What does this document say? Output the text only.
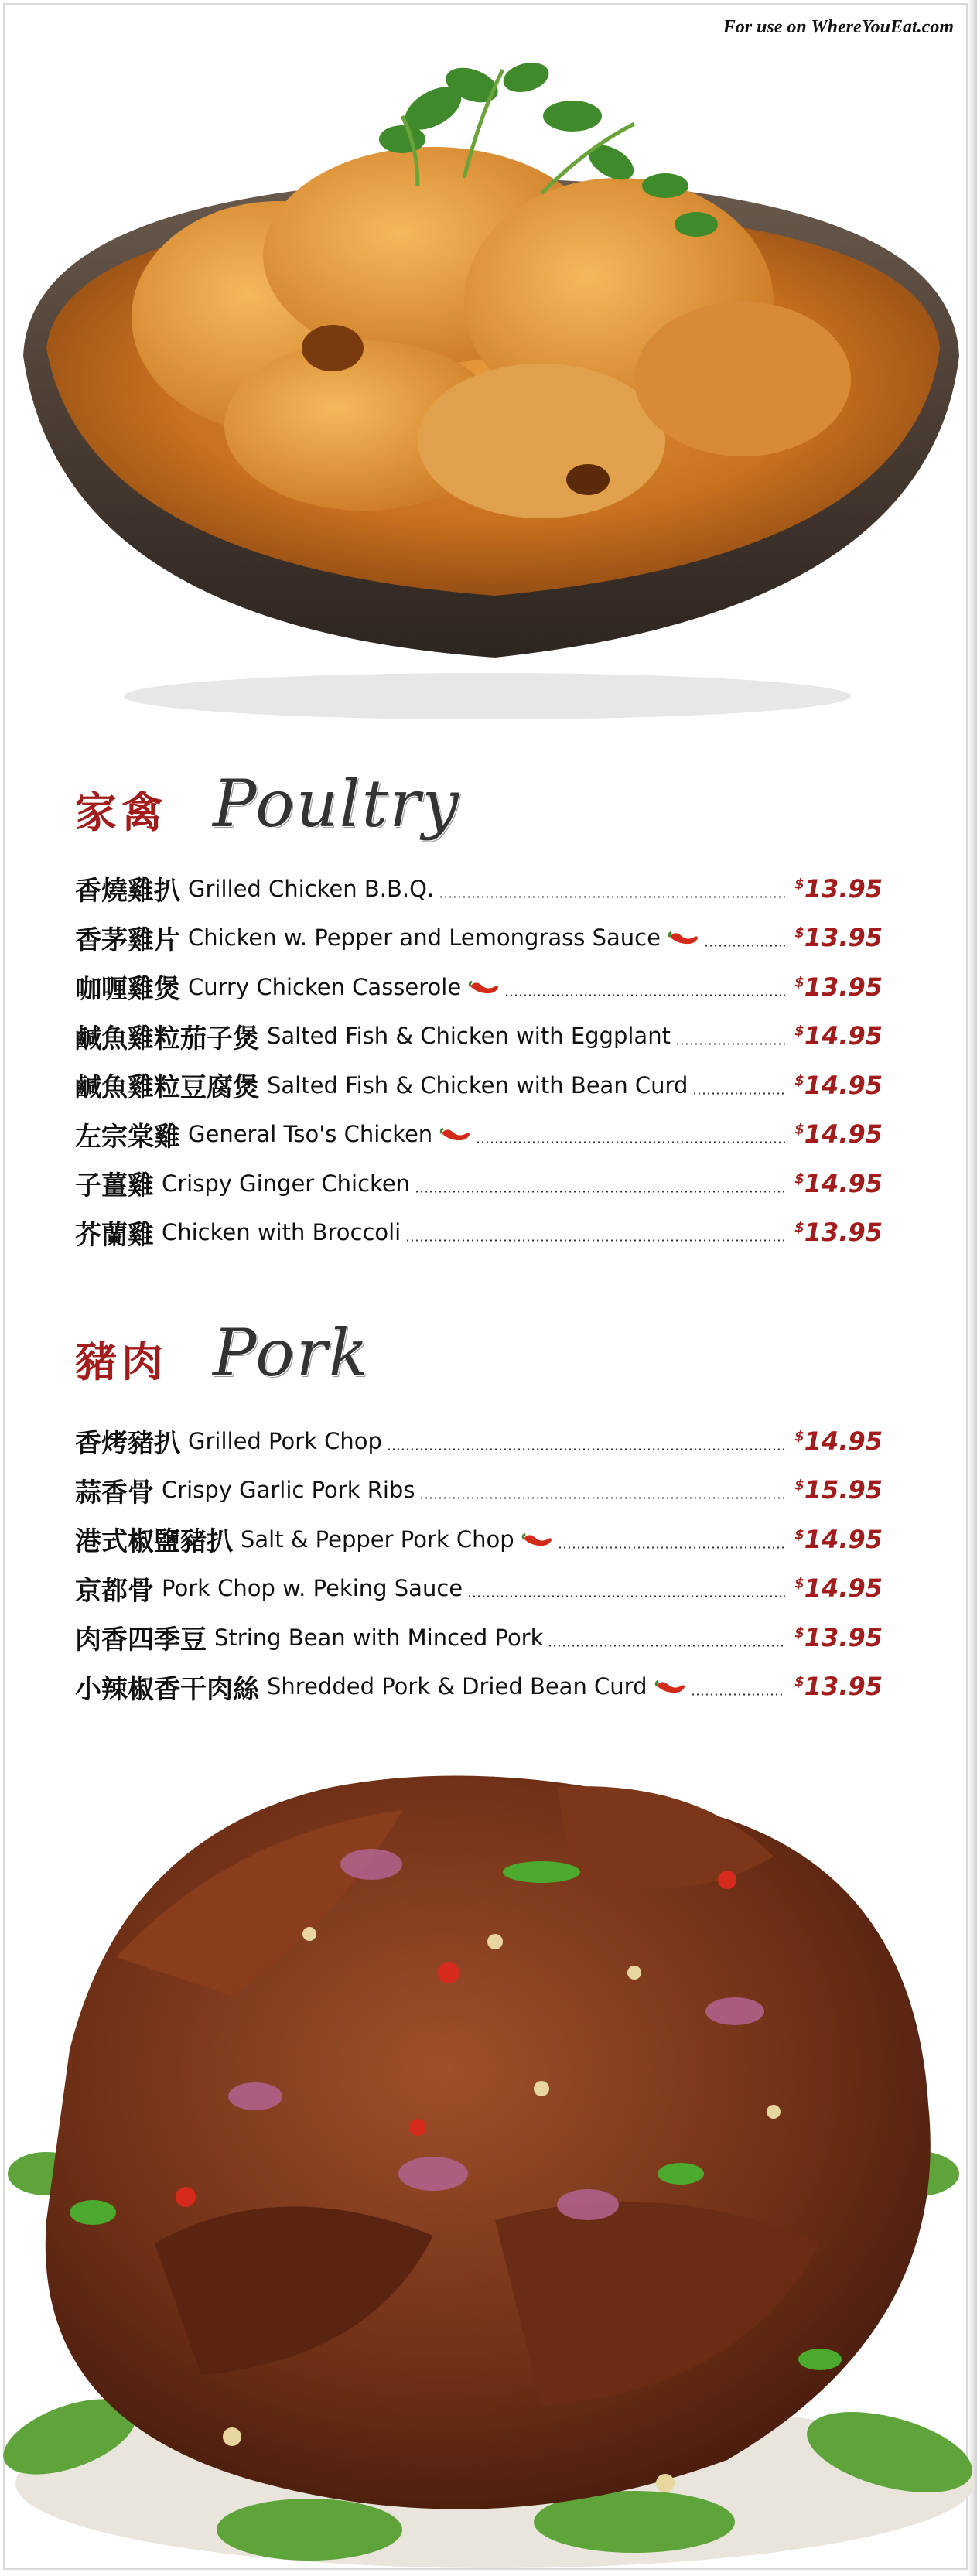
家禽 Poultry
香燒雞扒 Grilled Chicken B.B.Q.	$13.95
香茅雞片 Chicken w. Pepper and Lemongrass Sauce	$13.95
咖喱雞煲 Curry Chicken Casserole	$13.95
鹹魚雞粒茄子煲 Salted Fish & Chicken with Eggplant	$14.95
鹹魚雞粒豆腐煲 Salted Fish & Chicken with Bean Curd	$14.95
左宗棠雞 General Tso's Chicken	$14.95
子薑雞 Crispy Ginger Chicken	$14.95
芥蘭雞 Chicken with Broccoli	$13.95
豬肉 Pork
香烤豬扒 Grilled Pork Chop	$14.95
蒜香骨 Crispy Garlic Pork Ribs	$15.95
港式椒鹽豬扒 Salt & Pepper Pork Chop	$14.95
京都骨 Pork Chop w. Peking Sauce	$14.95
肉香四季豆 String Bean with Minced Pork	$13.95
小辣椒香干肉絲 Shredded Pork & Dried Bean Curd	$13.95
For use on WhereYouEat.com
